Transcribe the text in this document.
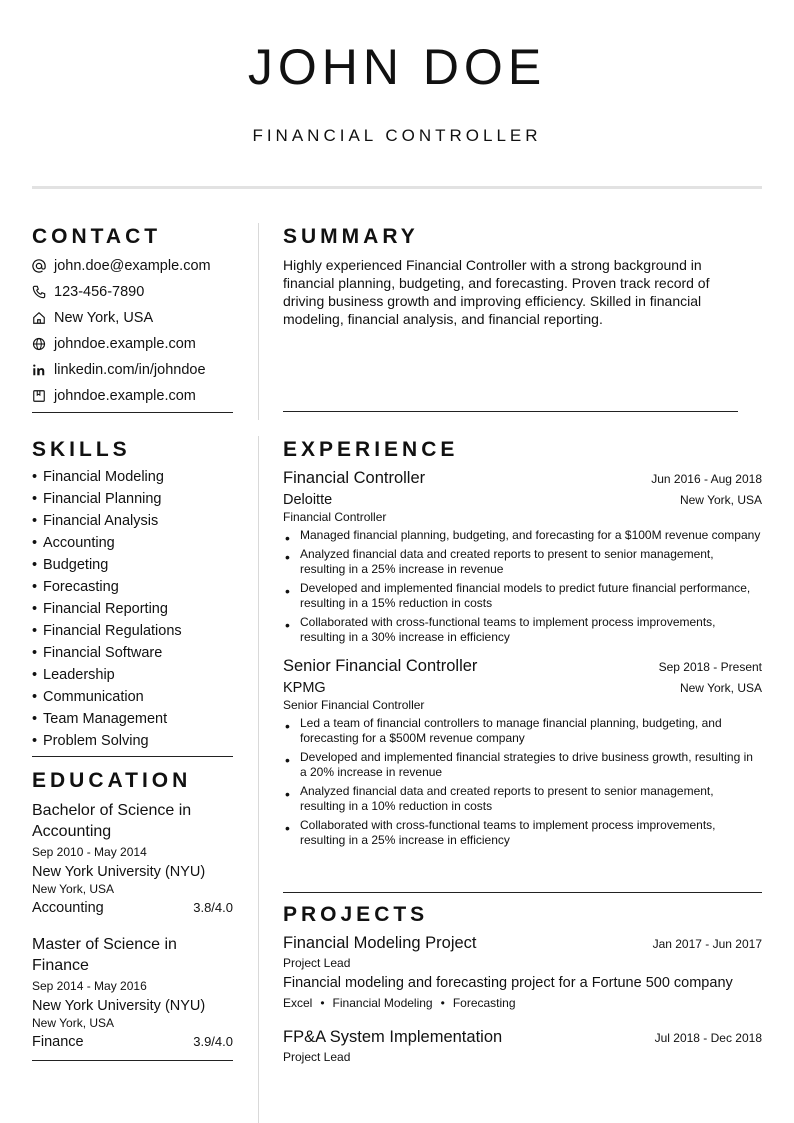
JOHN DOE
FINANCIAL CONTROLLER
CONTACT
john.doe@example.com
123-456-7890
New York, USA
johndoe.example.com
linkedin.com/in/johndoe
johndoe.example.com
SUMMARY
Highly experienced Financial Controller with a strong background in financial planning, budgeting, and forecasting. Proven track record of driving business growth and improving efficiency. Skilled in financial modeling, financial analysis, and financial reporting.
SKILLS
• Financial Modeling
• Financial Planning
• Financial Analysis
• Accounting
• Budgeting
• Forecasting
• Financial Reporting
• Financial Regulations
• Financial Software
• Leadership
• Communication
• Team Management
• Problem Solving
EDUCATION
Bachelor of Science in Accounting
Sep 2010 - May 2014
New York University (NYU)
New York, USA
Accounting	3.8/4.0
Master of Science in Finance
Sep 2014 - May 2016
New York University (NYU)
New York, USA
Finance	3.9/4.0
EXPERIENCE
Financial Controller	Jun 2016 - Aug 2018
Deloitte	New York, USA
Financial Controller
• Managed financial planning, budgeting, and forecasting for a $100M revenue company
• Analyzed financial data and created reports to present to senior management, resulting in a 25% increase in revenue
• Developed and implemented financial models to predict future financial performance, resulting in a 15% reduction in costs
• Collaborated with cross-functional teams to implement process improvements, resulting in a 30% increase in efficiency
Senior Financial Controller	Sep 2018 - Present
KPMG	New York, USA
Senior Financial Controller
• Led a team of financial controllers to manage financial planning, budgeting, and forecasting for a $500M revenue company
• Developed and implemented financial strategies to drive business growth, resulting in a 20% increase in revenue
• Analyzed financial data and created reports to present to senior management, resulting in a 10% reduction in costs
• Collaborated with cross-functional teams to implement process improvements, resulting in a 25% increase in efficiency
PROJECTS
Financial Modeling Project	Jan 2017 - Jun 2017
Project Lead
Financial modeling and forecasting project for a Fortune 500 company
Excel • Financial Modeling • Forecasting
FP&A System Implementation	Jul 2018 - Dec 2018
Project Lead
